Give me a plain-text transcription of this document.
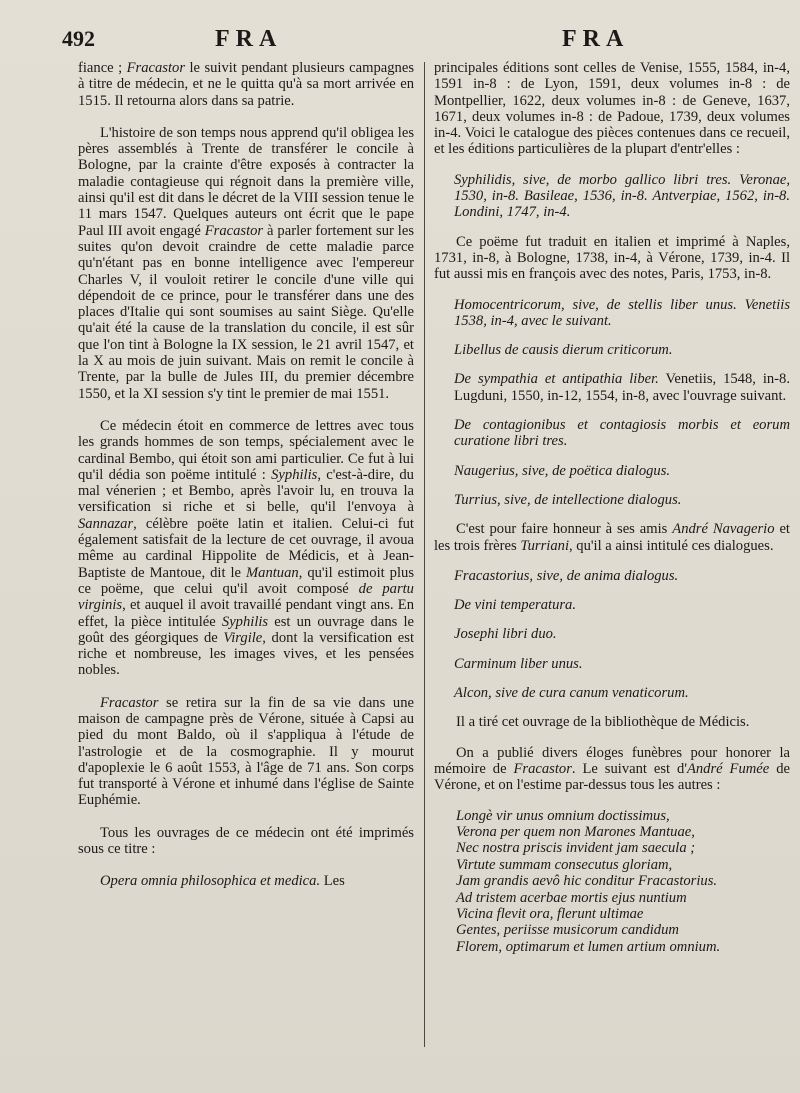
492	FRA	FRA

fiance ; Fracastor le suivit pendant plusieurs campagnes à titre de médecin, et ne le quitta qu'à sa mort arrivée en 1515. Il retourna alors dans sa patrie.

L'histoire de son temps nous apprend qu'il obligea les pères assemblés à Trente de transférer le concile à Bologne, par la crainte d'être exposés à contracter la maladie contagieuse qui régnoit dans la première ville, ainsi qu'il est dit dans le décret de la VIII session tenue le 11 mars 1547. Quelques auteurs ont écrit que le pape Paul III avoit engagé Fracastor à parler fortement sur les suites qu'on devoit craindre de cette maladie parce qu'n'étant pas en bonne intelligence avec l'empereur Charles V, il vouloit retirer le concile d'une ville qui dépendoit de ce prince, pour le transférer dans une des places d'Italie qui sont soumises au saint Siège. Qu'elle qu'ait été la cause de la translation du concile, il est sûr que l'on tint à Bologne la IX session, le 21 avril 1547, et la X au mois de juin suivant. Mais on remit le concile à Trente, par la bulle de Jules III, du premier décembre 1550, et la XI session s'y tint le premier de mai 1551.

Ce médecin étoit en commerce de lettres avec tous les grands hommes de son temps, spécialement avec le cardinal Bembo, qui étoit son ami particulier. Ce fut à lui qu'il dédia son poëme intitulé : Syphilis, c'est-à-dire, du mal vénerien ; et Bembo, après l'avoir lu, en trouva la versification si riche et si belle, qu'il l'envoya à Sannazar, célèbre poëte latin et italien. Celui-ci fut également satisfait de la lecture de cet ouvrage, il avoua même au cardinal Hippolite de Médicis, et à Jean-Baptiste de Mantoue, dit le Mantuan, qu'il estimoit plus ce poëme, que celui qu'il avoit composé de partu virginis, et auquel il avoit travaillé pendant vingt ans. En effet, la pièce intitulée Syphilis est un ouvrage dans le goût des géorgiques de Virgile, dont la versification est riche et nombreuse, les images vives, et les pensées nobles.

Fracastor se retira sur la fin de sa vie dans une maison de campagne près de Vérone, située à Capsi au pied du mont Baldo, où il s'appliqua à l'étude de l'astrologie et de la cosmographie. Il y mourut d'apoplexie le 6 août 1553, à l'âge de 71 ans. Son corps fut transporté à Vérone et inhumé dans l'église de Sainte Euphémie.

Tous les ouvrages de ce médecin ont été imprimés sous ce titre :

Opera omnia philosophica et medica. Les

principales éditions sont celles de Venise, 1555, 1584, in-4, 1591 in-8 : de Lyon, 1591, deux volumes in-8 : de Montpellier, 1622, deux volumes in-8 : de Geneve, 1637, 1671, deux volumes in-8 : de Padoue, 1739, deux volumes in-4. Voici le catalogue des pièces contenues dans ce recueil, et les éditions particulières de la plupart d'entr'elles :

Syphilidis, sive, de morbo gallico libri tres. Veronae, 1530, in-8. Basileae, 1536, in-8. Antverpiae, 1562, in-8. Londini, 1747, in-4.

Ce poëme fut traduit en italien et imprimé à Naples, 1731, in-8, à Bologne, 1738, in-4, à Vérone, 1739, in-4. Il fut aussi mis en françois avec des notes, Paris, 1753, in-8.

Homocentricorum, sive, de stellis liber unus. Venetiis 1538, in-4, avec le suivant.
Libellus de causis dierum criticorum.
De sympathia et antipathia liber. Venetiis, 1548, in-8. Lugduni, 1550, in-12, 1554, in-8, avec l'ouvrage suivant.
De contagionibus et contagiosis morbis et eorum curatione libri tres.
Naugerius, sive, de poëtica dialogus.
Turrius, sive, de intellectione dialogus.

C'est pour faire honneur à ses amis André Navagerio et les trois frères Turriani, qu'il a ainsi intitulé ces dialogues.

Fracastorius, sive, de anima dialogus.
De vini temperatura.
Josephi libri duo.
Carminum liber unus.
Alcon, sive de cura canum venaticorum.

Il a tiré cet ouvrage de la bibliothèque de Médicis.

On a publié divers éloges funèbres pour honorer la mémoire de Fracastor. Le suivant est d'André Fumée de Vérone, et on l'estime par-dessus tous les autres :

Longè vir unus omnium doctissimus,
Verona per quem non Marones Mantuae,
Nec nostra priscis invident jam saecula ;
Virtute summam consecutus gloriam,
Jam grandis aevô hic conditur Fracastorius.
Ad tristem acerbae mortis ejus nuntium
Vicina flevit ora, flerunt ultimae
Gentes, periisse musicorum candidum
Florem, optimarum et lumen artium omnium.
